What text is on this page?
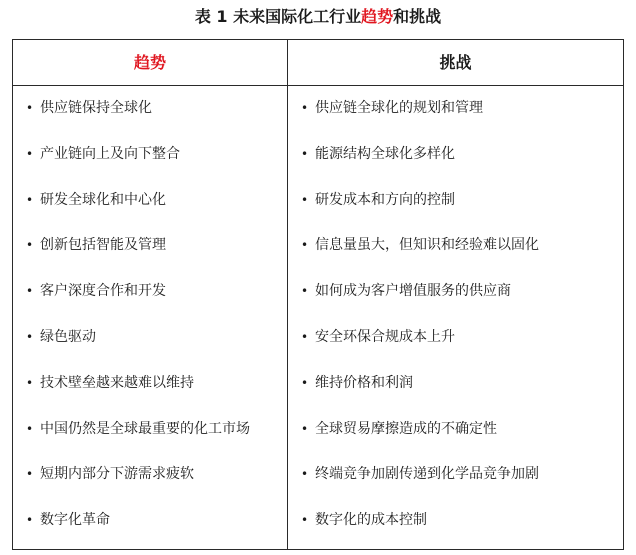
表 1 未来国际化工行业趋势和挑战
趋势	挑战
• 供应链保持全球化
• 产业链向上及向下整合
• 研发全球化和中心化
• 创新包括智能及管理
• 客户深度合作和开发
• 绿色驱动
• 技术壁垒越来越难以维持
• 中国仍然是全球最重要的化工市场
• 短期内部分下游需求疲软
• 数字化革命
• 供应链全球化的规划和管理
• 能源结构全球化多样化
• 研发成本和方向的控制
• 信息量虽大，但知识和经验难以固化
• 如何成为客户增值服务的供应商
• 安全环保合规成本上升
• 维持价格和利润
• 全球贸易摩擦造成的不确定性
• 终端竞争加剧传递到化学品竞争加剧
• 数字化的成本控制
